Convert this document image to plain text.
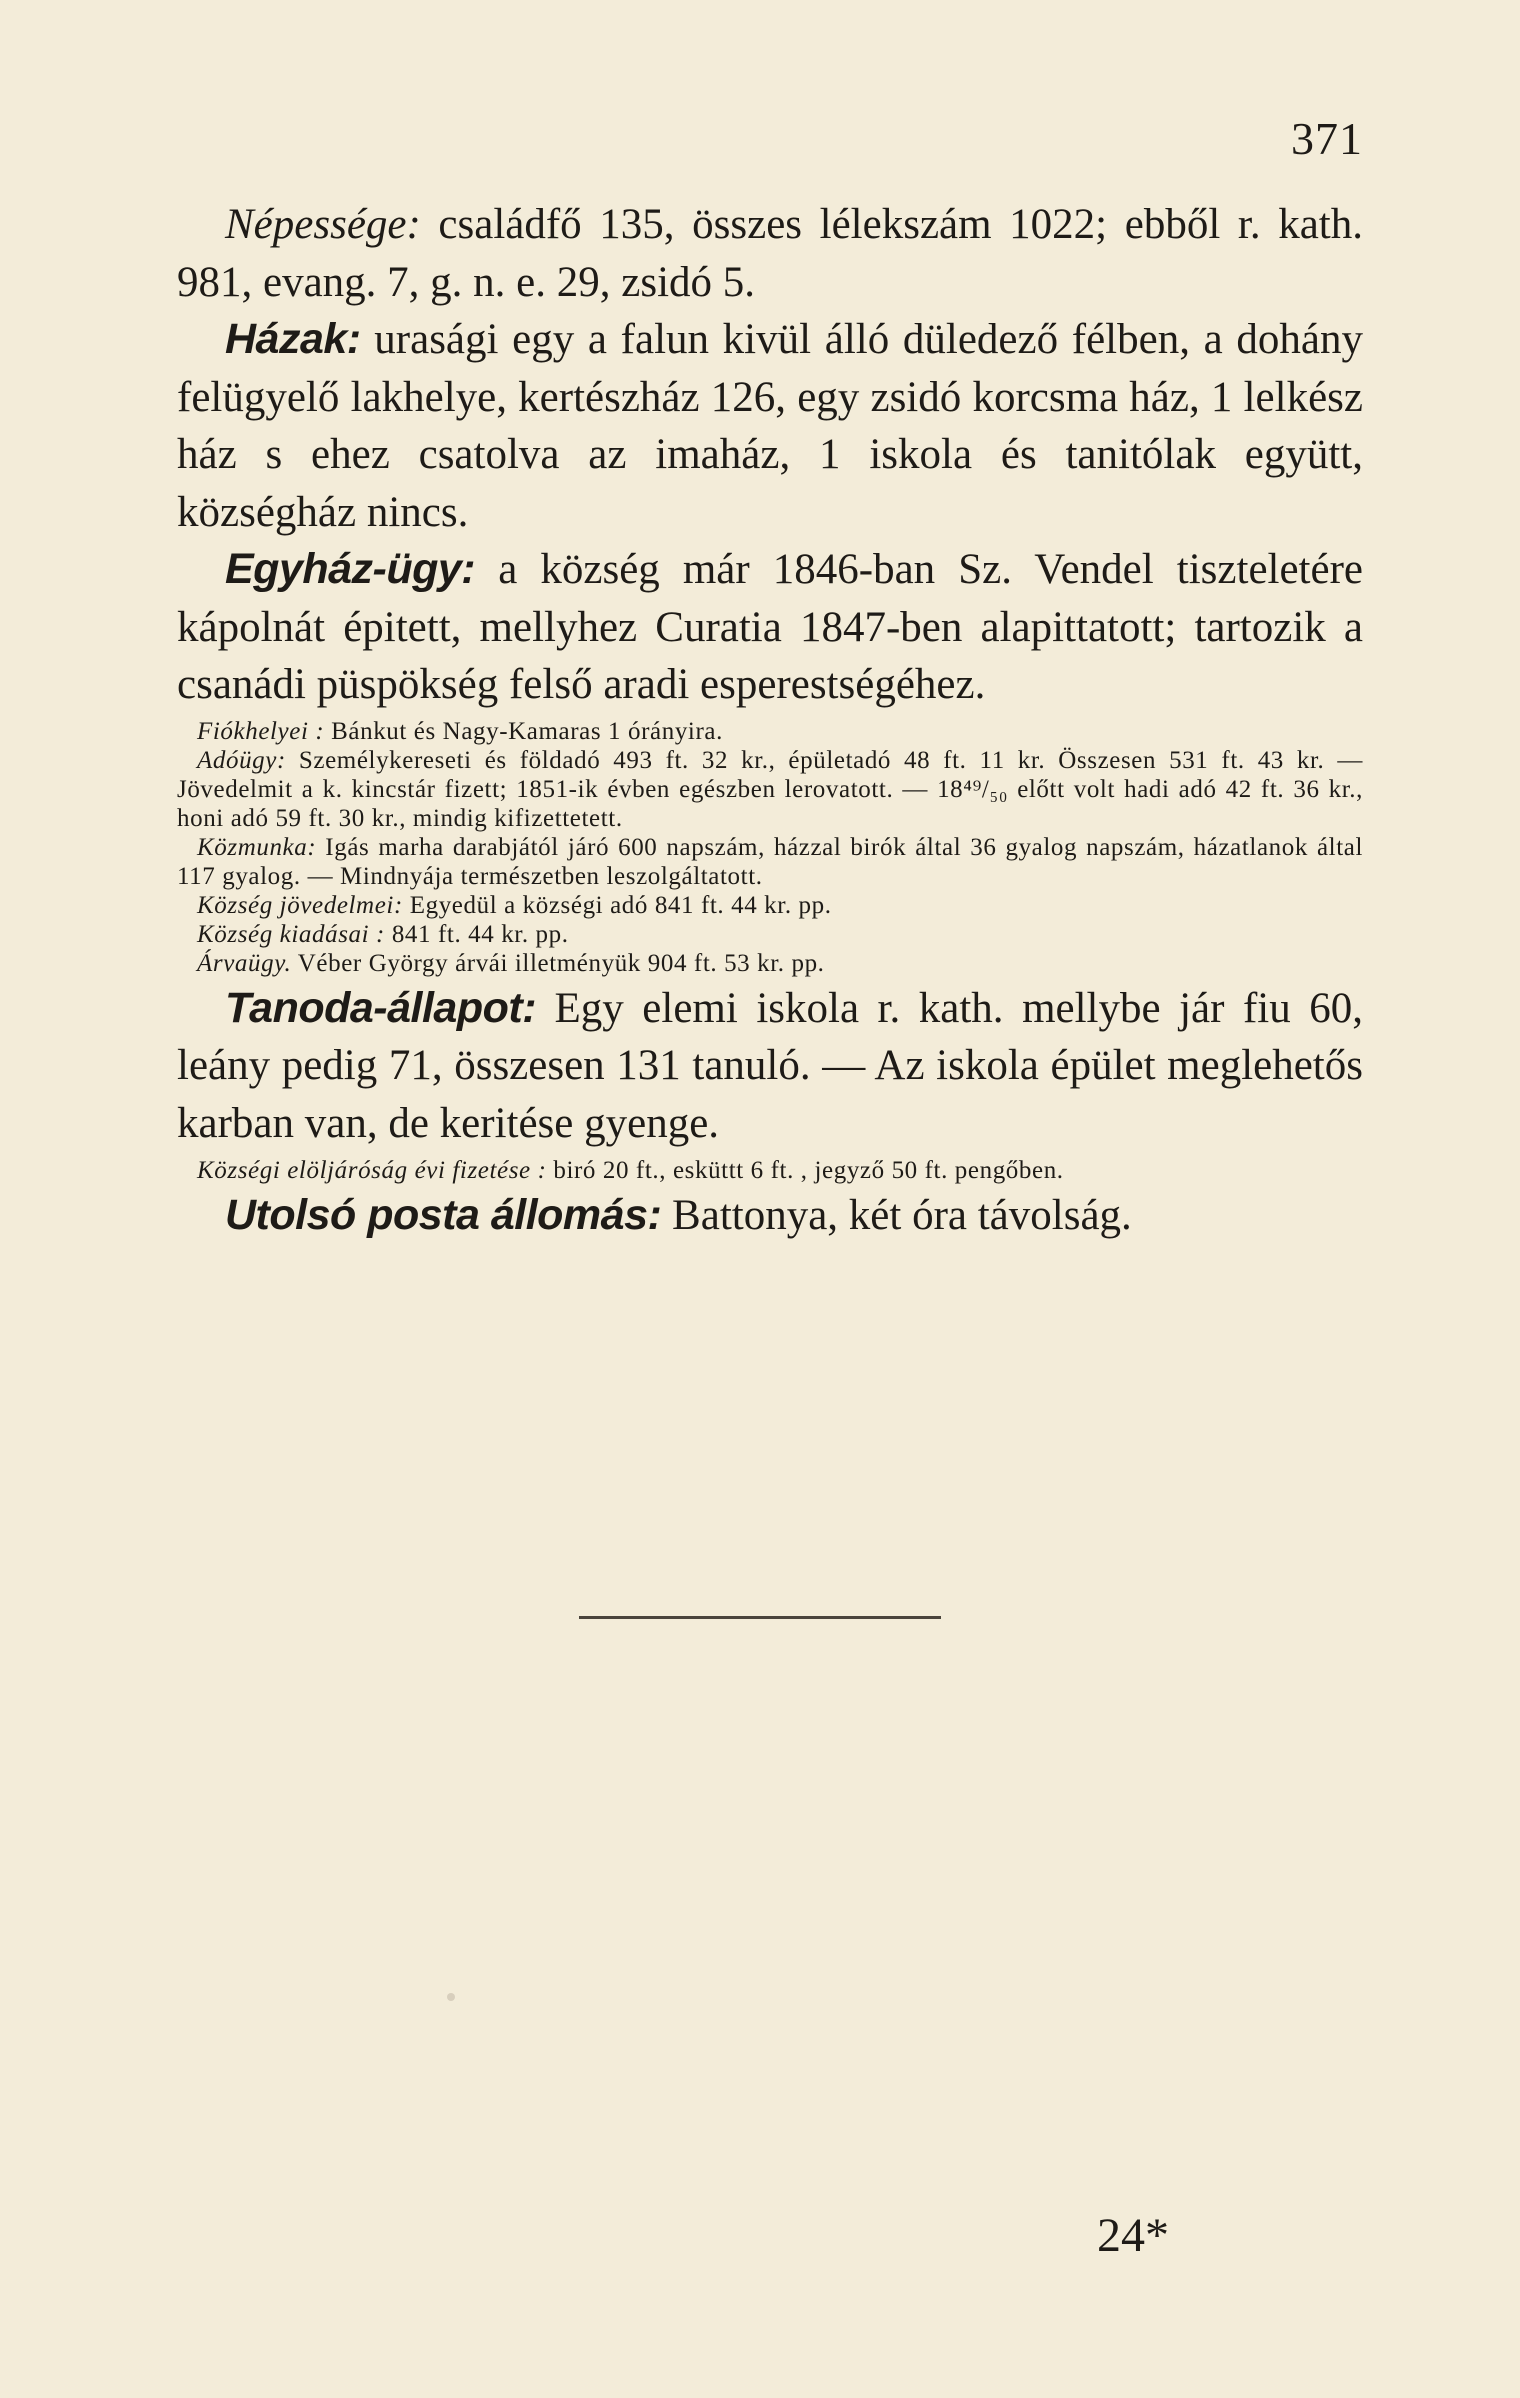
371

Népessége: családfő 135, összes lélekszám 1022; ebből r. kath. 981, evang. 7, g. n. e. 29, zsidó 5.

Házak: urasági egy a falun kivül álló düledező félben, a dohány felügyelő lakhelye, kertészház 126, egy zsidó korcsma ház, 1 lelkész ház s ehez csatolva az imaház, 1 iskola és tanitólak együtt, községház nincs.

Egyház-ügy: a község már 1846-ban Sz. Vendel tiszteletére kápolnát épitett, mellyhez Curatia 1847-ben alapittatott; tartozik a csanádi püspökség felső aradi esperestségéhez.

Fiókhelyei : Bánkut és Nagy-Kamaras 1 órányira.

Adóügy: Személykereseti és földadó 493 ft. 32 kr., épületadó 48 ft. 11 kr. Összesen 531 ft. 43 kr. — Jövedelmit a k. kincstár fizett; 1851-ik évben egészben lerovatott. — 18⁴⁹/₅₀ előtt volt hadi adó 42 ft. 36 kr., honi adó 59 ft. 30 kr., mindig kifizettetett.

Közmunka: Igás marha darabjától járó 600 napszám, házzal birók által 36 gyalog napszám, házatlanok által 117 gyalog. — Mindnyája természetben leszolgáltatott.

Község jövedelmei: Egyedül a községi adó 841 ft. 44 kr. pp.

Község kiadásai : 841 ft. 44 kr. pp.

Árvaügy. Véber György árvái illetményük 904 ft. 53 kr. pp.

Tanoda-állapot: Egy elemi iskola r. kath. mellybe jár fiu 60, leány pedig 71, összesen 131 tanuló. — Az iskola épület meglehetős karban van, de keritése gyenge.

Községi elöljáróság évi fizetése : biró 20 ft., esküttt 6 ft. , jegyző 50 ft. pengőben.

Utolsó posta állomás: Battonya, két óra távolság.

24*
